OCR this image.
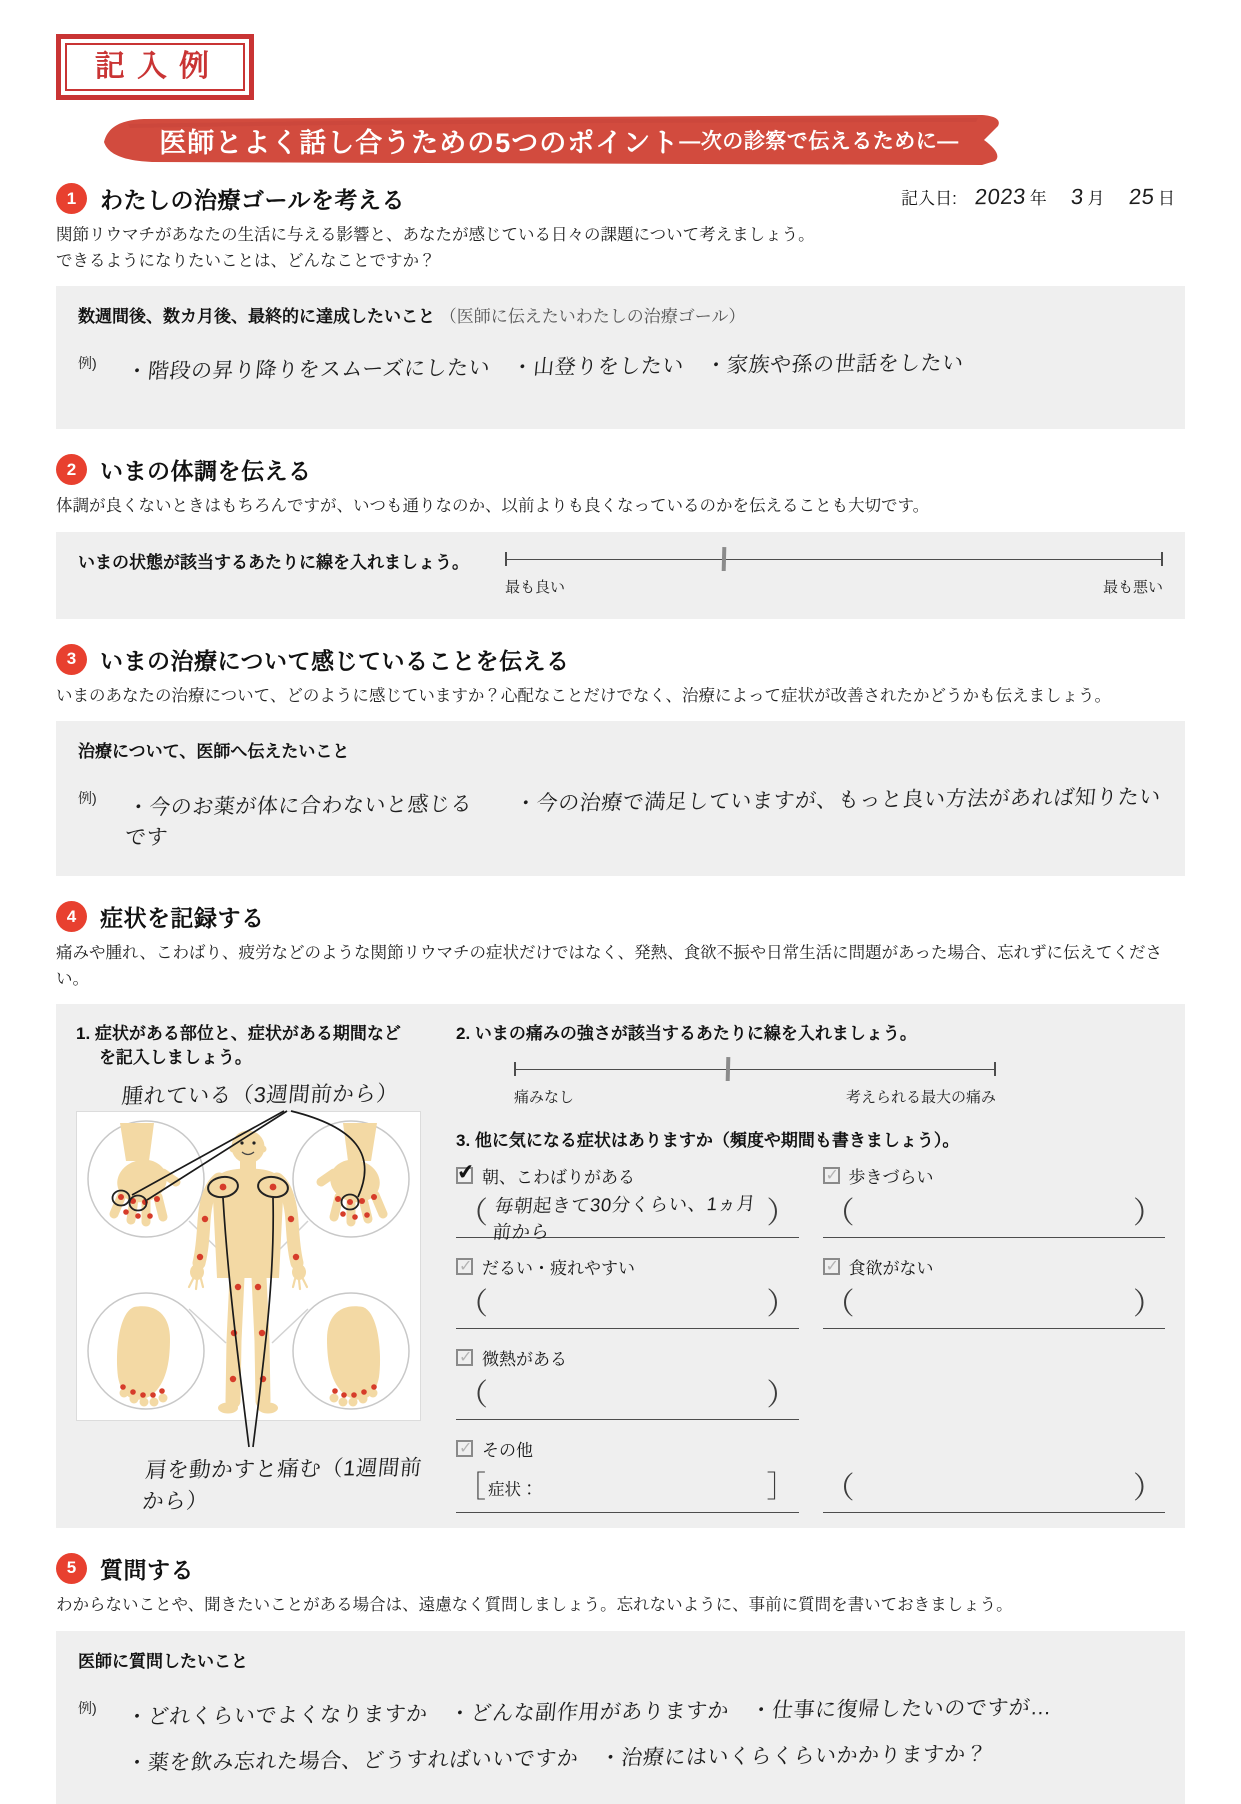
記入例
医師とよく話し合うための5つのポイント ―次の診察で伝えるために―
1	わたしの治療ゴールを考える	記入日: 2023 年 3 月 25 日
関節リウマチがあなたの生活に与える影響と、あなたが感じている日々の課題について考えましょう。
できるようになりたいことは、どんなことですか？
数週間後、数カ月後、最終的に達成したいこと （医師に伝えたいわたしの治療ゴール）
例) ・階段の昇り降りをスムーズにしたい　・山登りをしたい　・家族や孫の世話をしたい
2	いまの体調を伝える
体調が良くないときはもちろんですが、いつも通りなのか、以前よりも良くなっているのかを伝えることも大切です。
いまの状態が該当するあたりに線を入れましょう。
最も良い	最も悪い
3	いまの治療について感じていることを伝える
いまのあなたの治療について、どのように感じていますか？心配なことだけでなく、治療によって症状が改善されたかどうかも伝えましょう。
治療について、医師へ伝えたいこと
例) ・今のお薬が体に合わないと感じる　　・今の治療で満足していますが、もっと良い方法があれば知りたいです
4	症状を記録する
痛みや腫れ、こわばり、疲労などのような関節リウマチの症状だけではなく、発熱、食欲不振や日常生活に問題があった場合、忘れずに伝えてください。
1. 症状がある部位と、症状がある期間などを記入しましょう。
腫れている（3週間前から）
肩を動かすと痛む（1週間前から）
2. いまの痛みの強さが該当するあたりに線を入れましょう。
痛みなし	考えられる最大の痛み
3. 他に気になる症状はありますか（頻度や期間も書きましょう）。
✔
朝、こわばりがある
（ 毎朝起きて30分くらい、1ヵ月前から
）
✓
歩きづらい
（	）
✓
だるい・疲れやすい
（	）
✓
食欲がない
（	）
✓
微熱がある
（	）
✓
その他
［ 症状：	］ （	）
5	質問する
わからないことや、聞きたいことがある場合は、遠慮なく質問しましょう。忘れないように、事前に質問を書いておきましょう。
医師に質問したいこと
例) ・どれくらいでよくなりますか　・どんな副作用がありますか　・仕事に復帰したいのですが…
・薬を飲み忘れた場合、どうすればいいですか　・治療にはいくらくらいかかりますか？
